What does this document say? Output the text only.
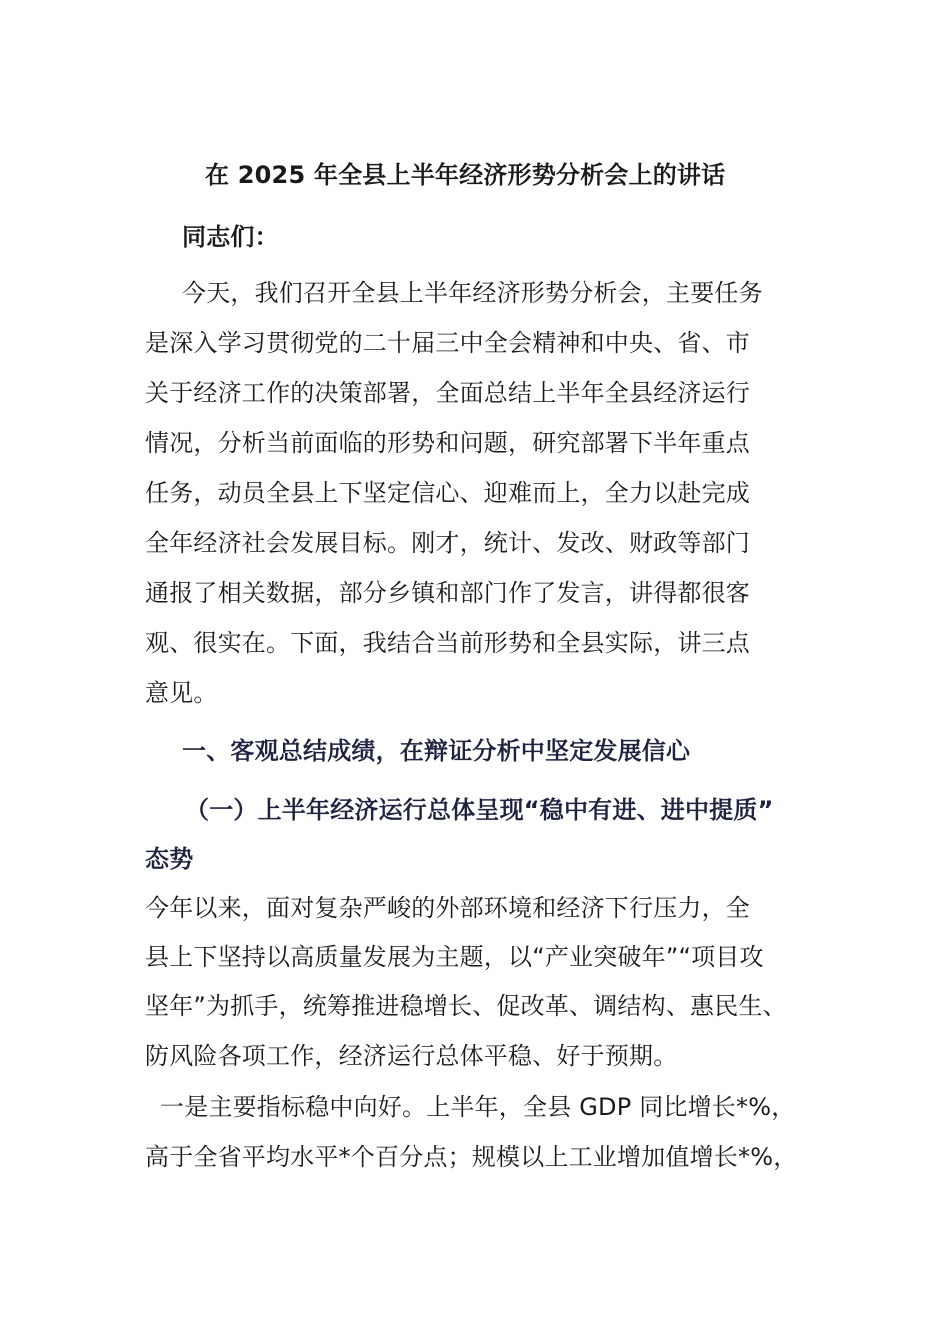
在 2025 年全县上半年经济形势分析会上的讲话
同志们：
今天，我们召开全县上半年经济形势分析会，主要任务
是深入学习贯彻党的二十届三中全会精神和中央、省、市
关于经济工作的决策部署，全面总结上半年全县经济运行
情况，分析当前面临的形势和问题，研究部署下半年重点
任务，动员全县上下坚定信心、迎难而上，全力以赴完成
全年经济社会发展目标。刚才，统计、发改、财政等部门
通报了相关数据，部分乡镇和部门作了发言，讲得都很客
观、很实在。下面，我结合当前形势和全县实际，讲三点
意见。
一、客观总结成绩，在辩证分析中坚定发展信心
（一）上半年经济运行总体呈现“稳中有进、进中提质”
态势
今年以来，面对复杂严峻的外部环境和经济下行压力，全
县上下坚持以高质量发展为主题，以“产业突破年”“项目攻
坚年”为抓手，统筹推进稳增长、促改革、调结构、惠民生、
防风险各项工作，经济运行总体平稳、好于预期。
一是主要指标稳中向好。上半年，全县 GDP 同比增长*%，
高于全省平均水平*个百分点；规模以上工业增加值增长*%，
